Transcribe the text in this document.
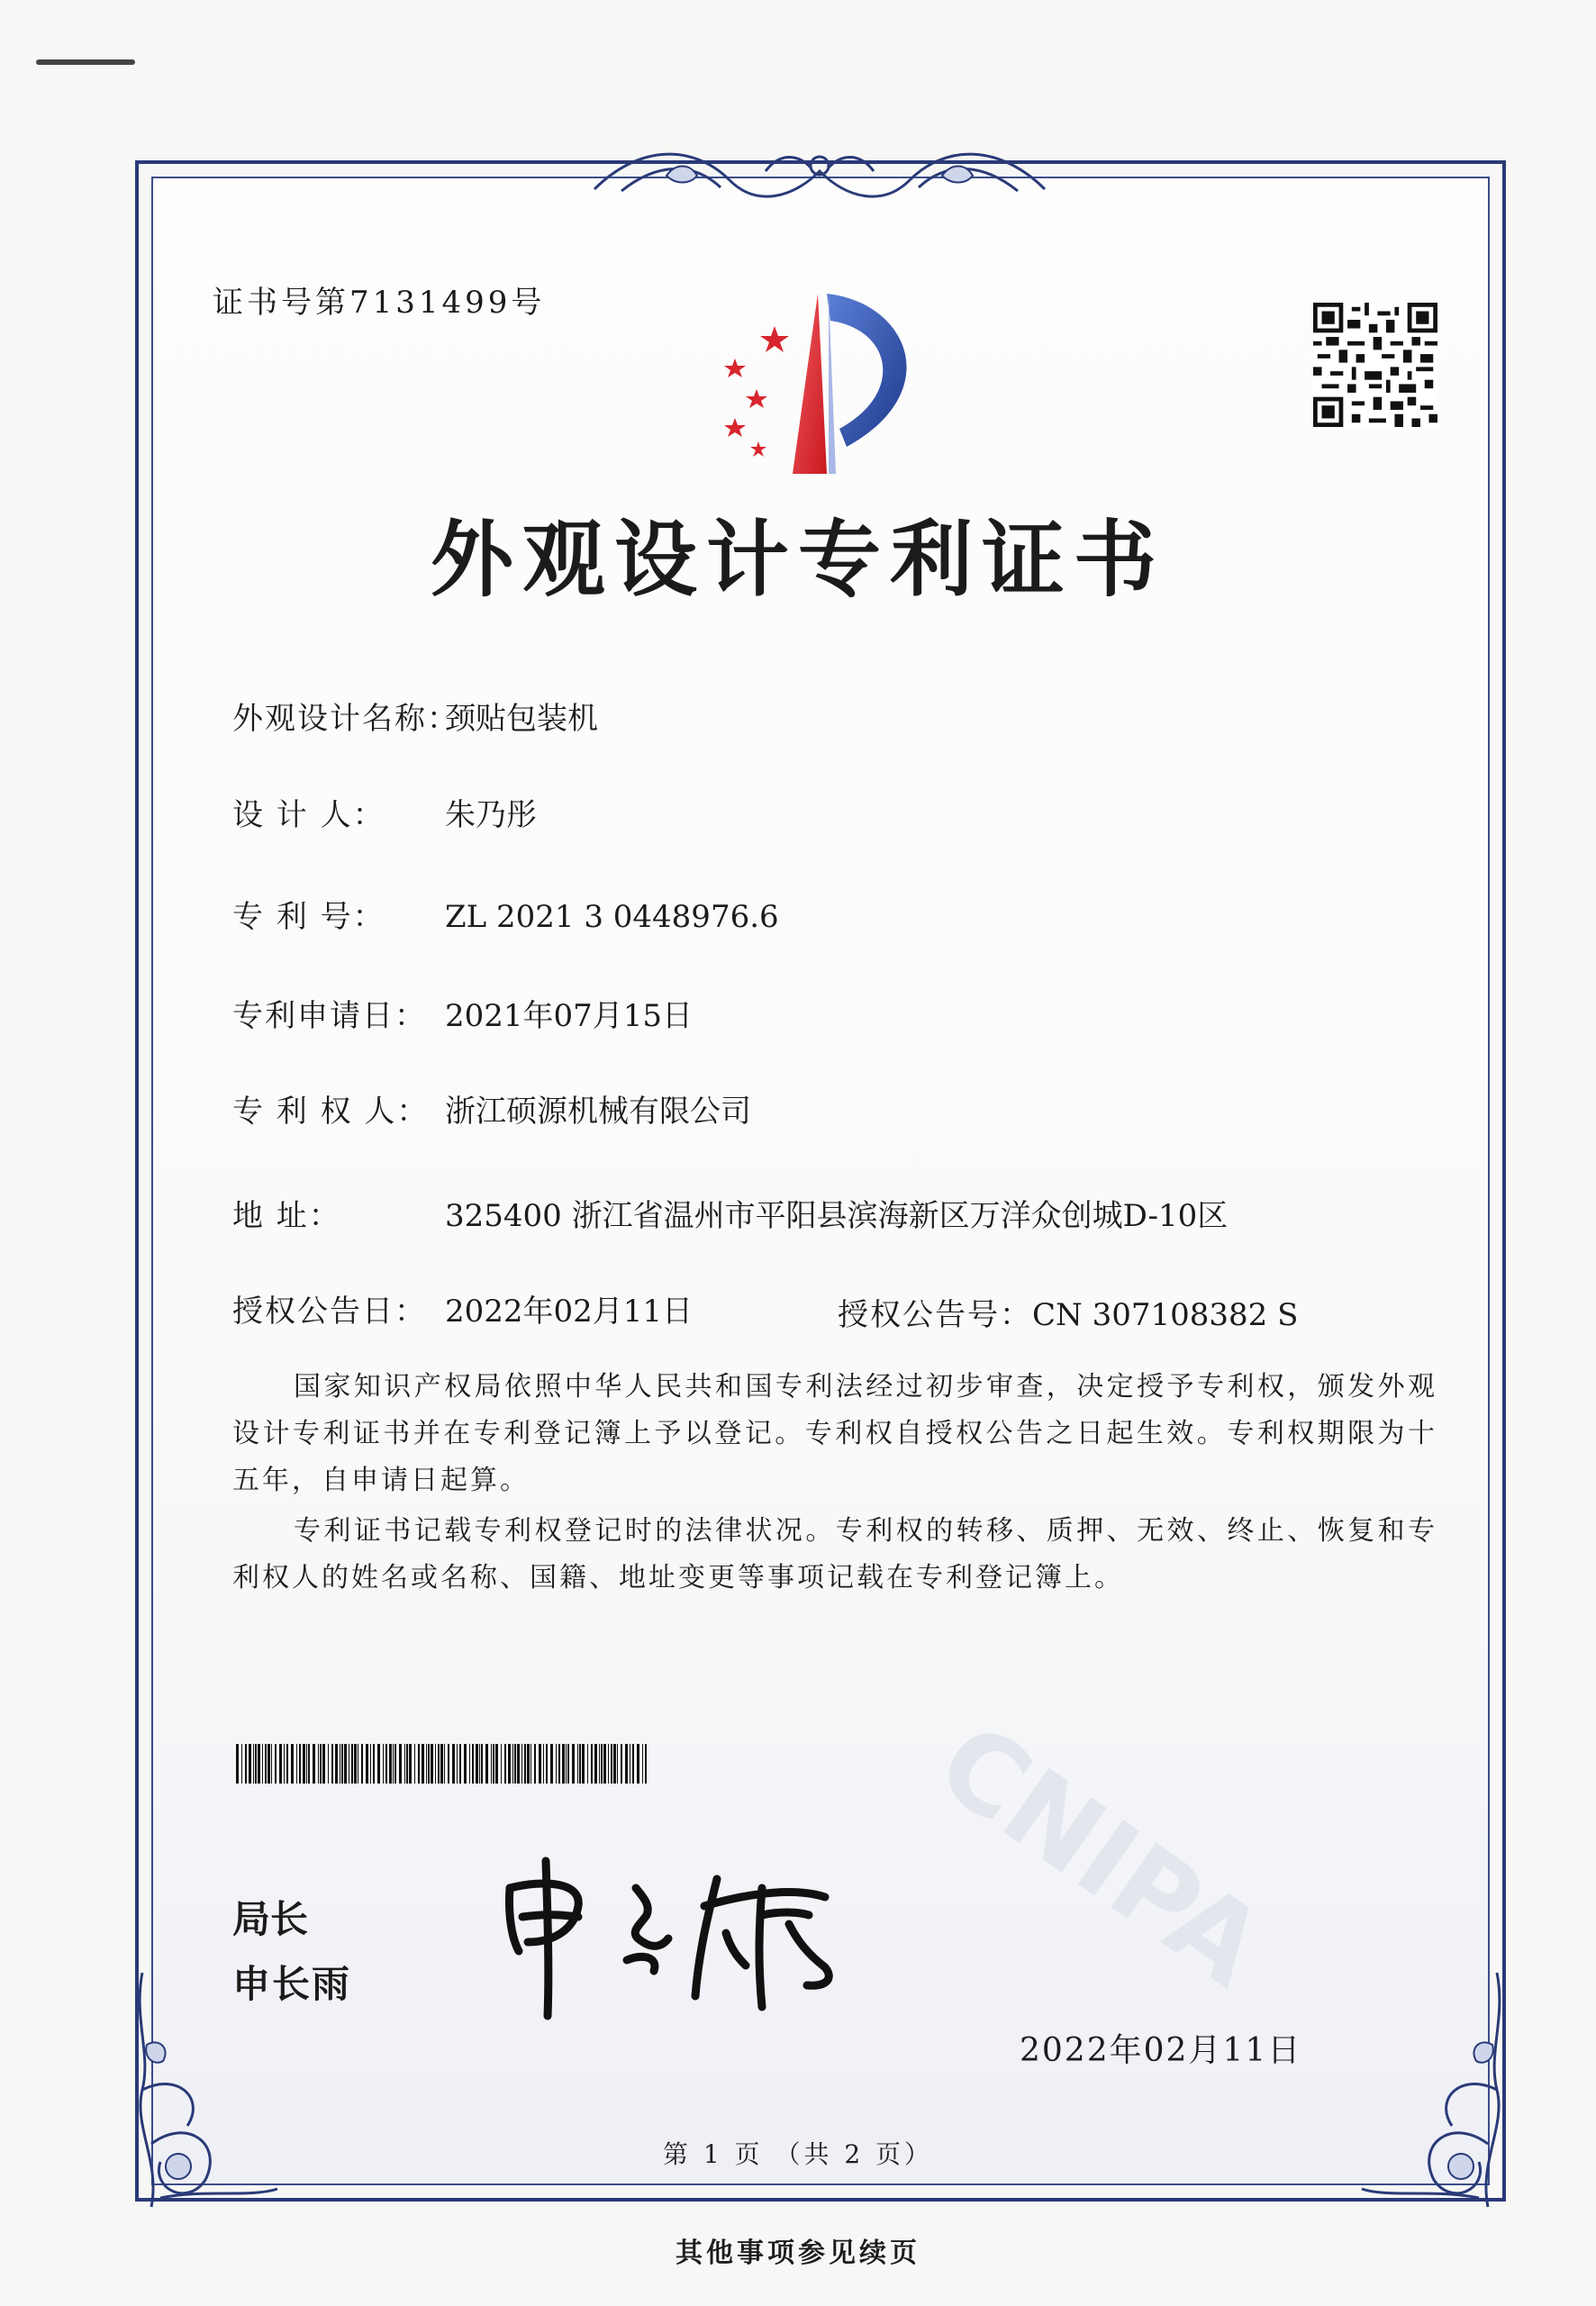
CNIPA
证书号第7131499号
外观设计专利证书
外观设计名称：颈贴包装机
设 计 人： 朱乃彤
专 利 号： ZL 2021 3 0448976.6
专利申请日： 2021年07月15日
专 利 权 人： 浙江硕源机械有限公司
地 址：	325400 浙江省温州市平阳县滨海新区万洋众创城D-10区
授权公告日： 2022年02月11日	授权公告号：CN 307108382 S
国家知识产权局依照中华人民共和国专利法经过初步审查，决定授予专利权，颁发外观设计专利证书并在专利登记簿上予以登记。专利权自授权公告之日起生效。专利权期限为十五年，自申请日起算。
专利证书记载专利权登记时的法律状况。专利权的转移、质押、无效、终止、恢复和专利权人的姓名或名称、国籍、地址变更等事项记载在专利登记簿上。
局长
申长雨
2022年02月11日
第 1 页 （共 2 页）
其他事项参见续页
